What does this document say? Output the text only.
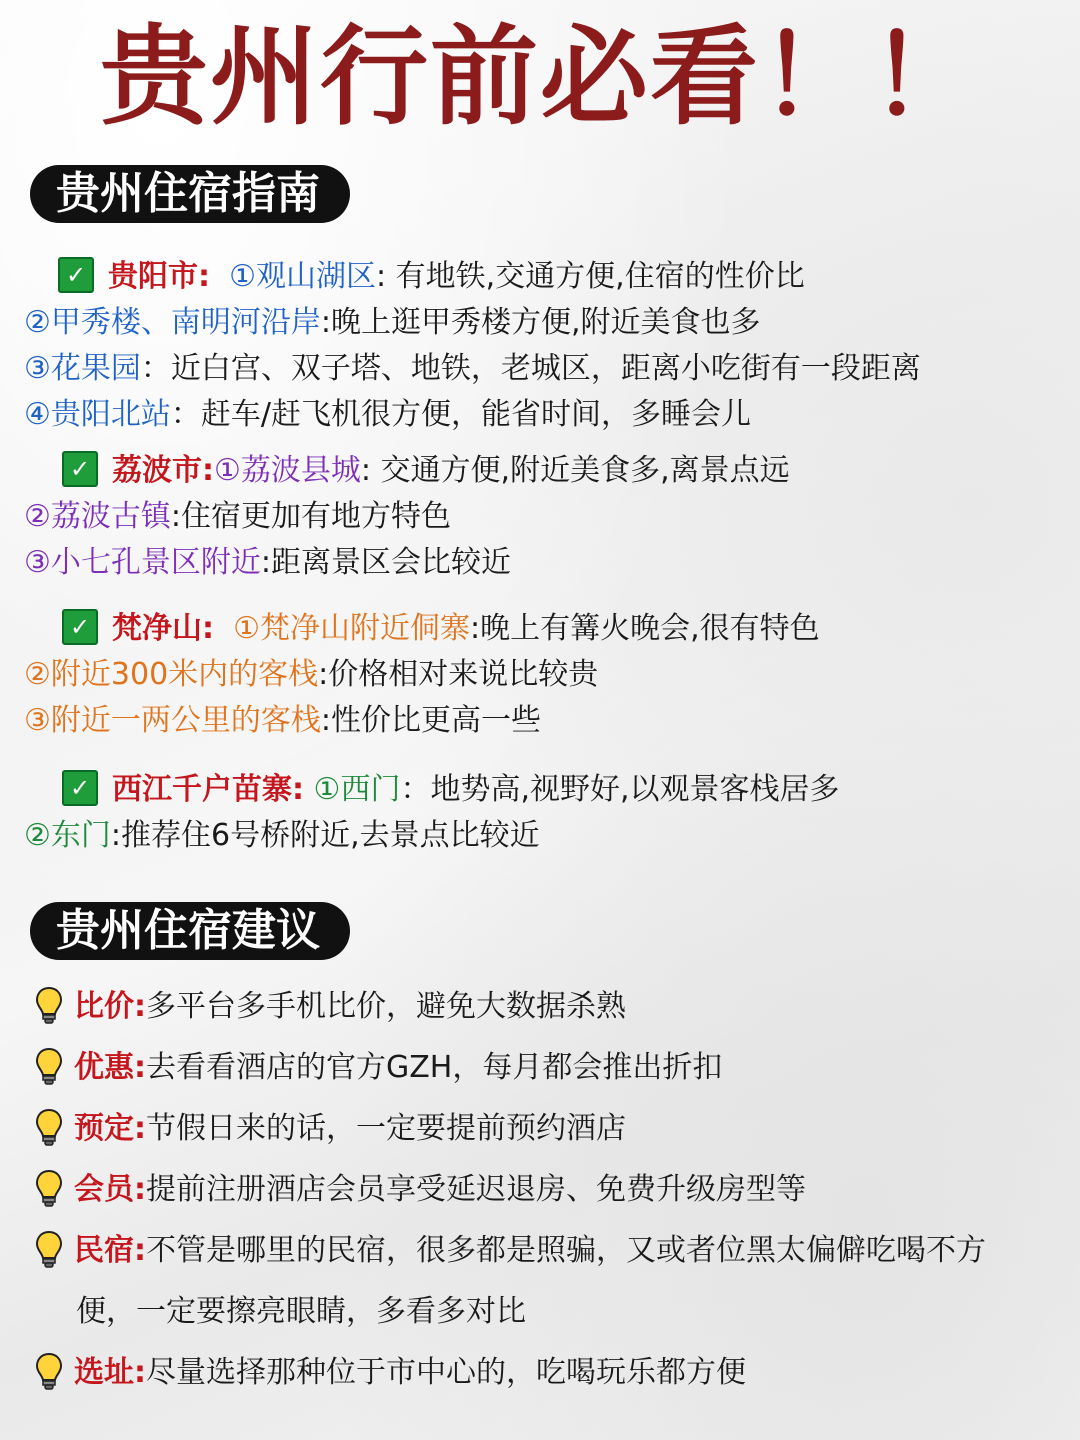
贵州行前必看！！
贵州住宿指南
✓ 贵阳市: ①观山湖区: 有地铁,交通方便,住宿的性价比
②甲秀楼、南明河沿岸:晚上逛甲秀楼方便,附近美食也多
③花果园：近白宫、双子塔、地铁，老城区，距离小吃街有一段距离
④贵阳北站：赶车/赶飞机很方便，能省时间，多睡会儿
✓ 荔波市:①荔波县城: 交通方便,附近美食多,离景点远
②荔波古镇:住宿更加有地方特色
③小七孔景区附近:距离景区会比较近
✓ 梵净山: ①梵净山附近侗寨:晚上有篝火晚会,很有特色
②附近300米内的客栈:价格相对来说比较贵
③附近一两公里的客栈:性价比更高一些
✓ 西江千户苗寨: ①西门：地势高,视野好,以观景客栈居多
②东门:推荐住6号桥附近,去景点比较近
贵州住宿建议
比价:多平台多手机比价，避免大数据杀熟
优惠:去看看酒店的官方GZH，每月都会推出折扣
预定:节假日来的话，一定要提前预约酒店
会员:提前注册酒店会员享受延迟退房、免费升级房型等
民宿:不管是哪里的民宿，很多都是照骗，又或者位黑太偏僻吃喝不方
便，一定要擦亮眼睛，多看多对比
选址:尽量选择那种位于市中心的，吃喝玩乐都方便
